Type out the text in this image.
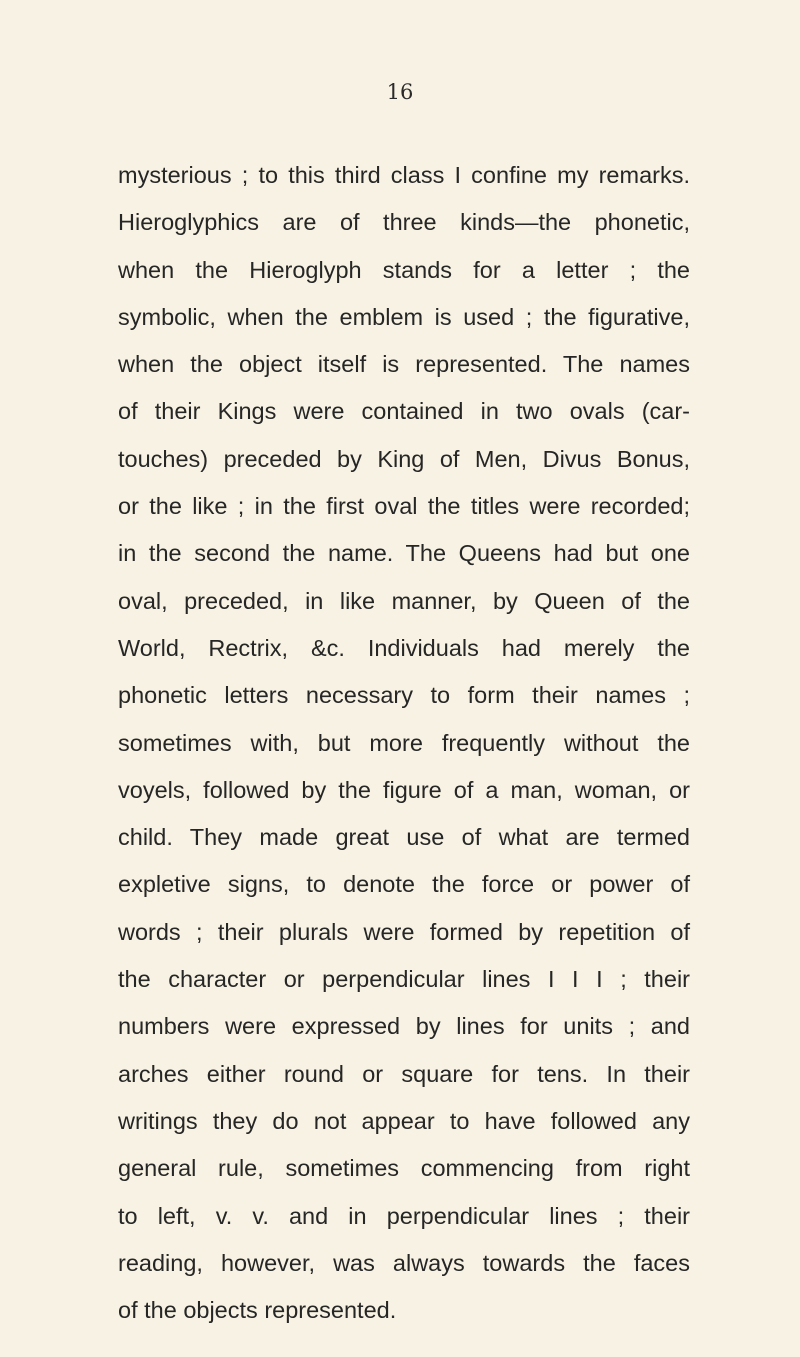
16
mysterious ; to this third class I confine my remarks.
Hieroglyphics are of three kinds—the phonetic,
when the Hieroglyph stands for a letter ; the
symbolic, when the emblem is used ; the figurative,
when the object itself is represented. The names
of their Kings were contained in two ovals (car-
touches) preceded by King of Men, Divus Bonus,
or the like ; in the first oval the titles were recorded;
in the second the name. The Queens had but one
oval, preceded, in like manner, by Queen of the
World, Rectrix, &c. Individuals had merely the
phonetic letters necessary to form their names ;
sometimes with, but more frequently without the
voyels, followed by the figure of a man, woman, or
child. They made great use of what are termed
expletive signs, to denote the force or power of
words ; their plurals were formed by repetition of
the character or perpendicular lines I I I ; their
numbers were expressed by lines for units ; and
arches either round or square for tens. In their
writings they do not appear to have followed any
general rule, sometimes commencing from right
to left, v. v. and in perpendicular lines ; their
reading, however, was always towards the faces
of the objects represented.
